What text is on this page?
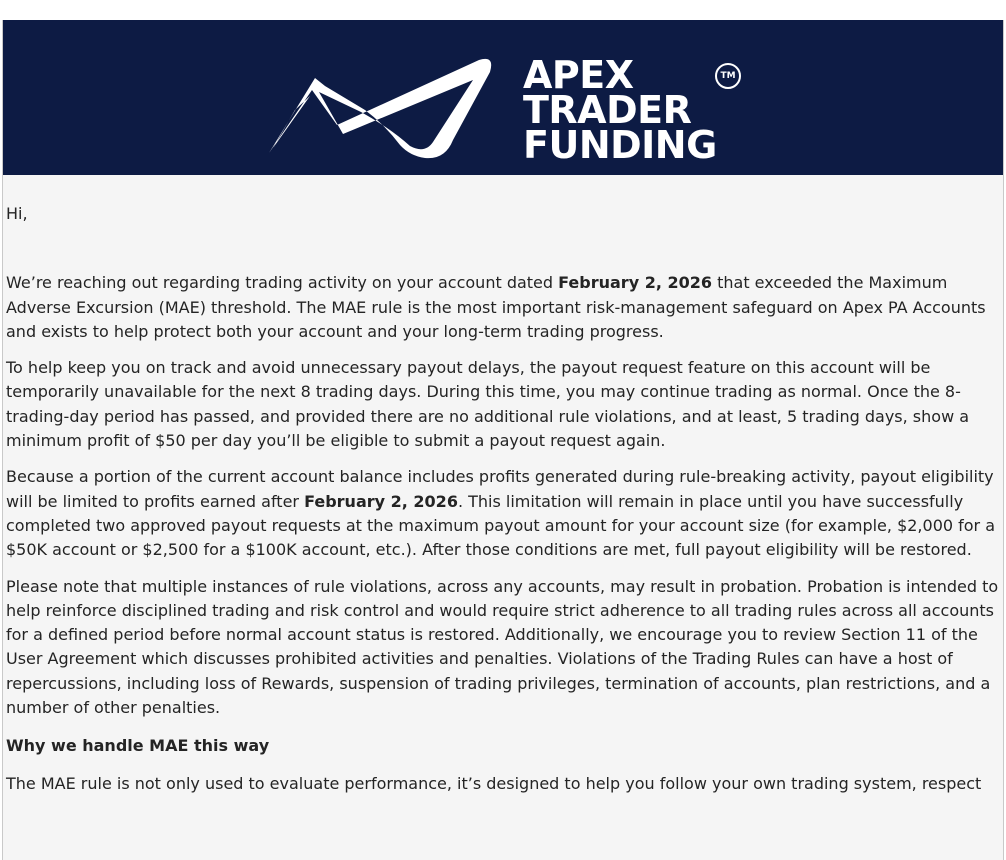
APEX
TRADER
FUNDING
TM
Hi,
We’re reaching out regarding trading activity on your account dated February 2, 2026 that exceeded the Maximum Adverse Excursion (MAE) threshold. The MAE rule is the most important risk-management safeguard on Apex PA Accounts and exists to help protect both your account and your long-term trading progress.
To help keep you on track and avoid unnecessary payout delays, the payout request feature on this account will be temporarily unavailable for the next 8 trading days. During this time, you may continue trading as normal. Once the 8-trading-day period has passed, and provided there are no additional rule violations, and at least, 5 trading days, show a minimum profit of $50 per day you’ll be eligible to submit a payout request again.
Because a portion of the current account balance includes profits generated during rule-breaking activity, payout eligibility will be limited to profits earned after February 2, 2026. This limitation will remain in place until you have successfully completed two approved payout requests at the maximum payout amount for your account size (for example, $2,000 for a $50K account or $2,500 for a $100K account, etc.). After those conditions are met, full payout eligibility will be restored.
Please note that multiple instances of rule violations, across any accounts, may result in probation. Probation is intended to help reinforce disciplined trading and risk control and would require strict adherence to all trading rules across all accounts for a defined period before normal account status is restored. Additionally, we encourage you to review Section 11 of the User Agreement which discusses prohibited activities and penalties. Violations of the Trading Rules can have a host of repercussions, including loss of Rewards, suspension of trading privileges, termination of accounts, plan restrictions, and a number of other penalties.
Why we handle MAE this way
The MAE rule is not only used to evaluate performance, it’s designed to help you follow your own trading system, respect
